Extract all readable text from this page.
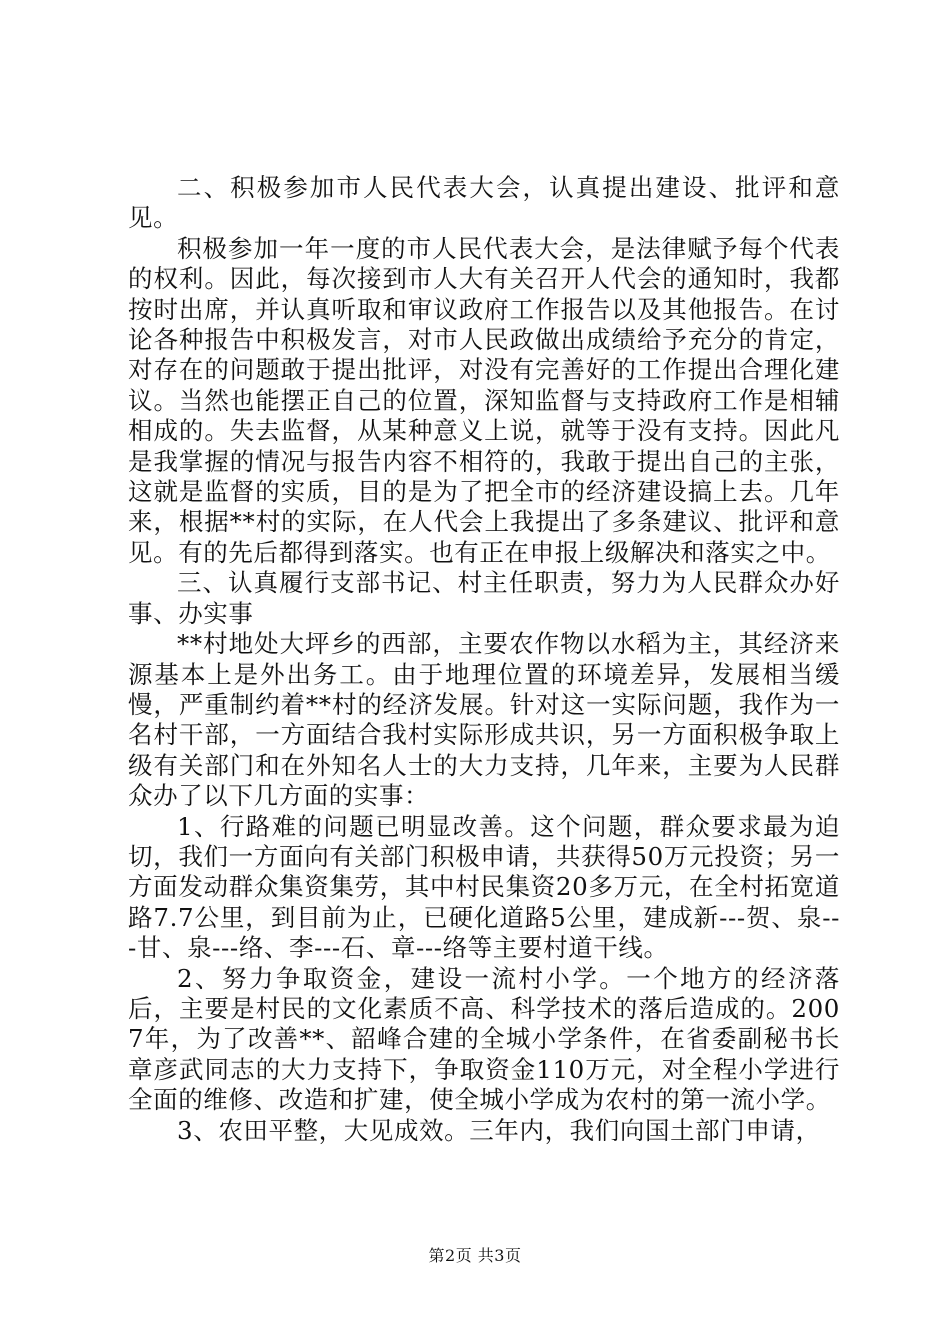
二、积极参加市人民代表大会，认真提出建设、批评和意见。

积极参加一年一度的市人民代表大会，是法律赋予每个代表的权利。因此，每次接到市人大有关召开人代会的通知时，我都按时出席，并认真听取和审议政府工作报告以及其他报告。在讨论各种报告中积极发言，对市人民政做出成绩给予充分的肯定，对存在的问题敢于提出批评，对没有完善好的工作提出合理化建议。当然也能摆正自己的位置，深知监督与支持政府工作是相辅相成的。失去监督，从某种意义上说，就等于没有支持。因此凡是我掌握的情况与报告内容不相符的，我敢于提出自己的主张，这就是监督的实质，目的是为了把全市的经济建设搞上去。几年来，根据**村的实际，在人代会上我提出了多条建议、批评和意见。有的先后都得到落实。也有正在申报上级解决和落实之中。

三、认真履行支部书记、村主任职责，努力为人民群众办好事、办实事

**村地处大坪乡的西部，主要农作物以水稻为主，其经济来源基本上是外出务工。由于地理位置的环境差异，发展相当缓慢，严重制约着**村的经济发展。针对这一实际问题，我作为一名村干部，一方面结合我村实际形成共识，另一方面积极争取上级有关部门和在外知名人士的大力支持，几年来，主要为人民群众办了以下几方面的实事：

1、行路难的问题已明显改善。这个问题，群众要求最为迫切，我们一方面向有关部门积极申请，共获得50万元投资；另一方面发动群众集资集劳，其中村民集资20多万元，在全村拓宽道路7.7公里，到目前为止，已硬化道路5公里，建成新---贺、泉---甘、泉---络、李---石、章---络等主要村道干线。

2、努力争取资金，建设一流村小学。一个地方的经济落后，主要是村民的文化素质不高、科学技术的落后造成的。2007年，为了改善**、韶峰合建的全城小学条件，在省委副秘书长章彦武同志的大力支持下，争取资金110万元，对全程小学进行全面的维修、改造和扩建，使全城小学成为农村的第一流小学。

3、农田平整，大见成效。三年内，我们向国土部门申请，

第2页 共3页
